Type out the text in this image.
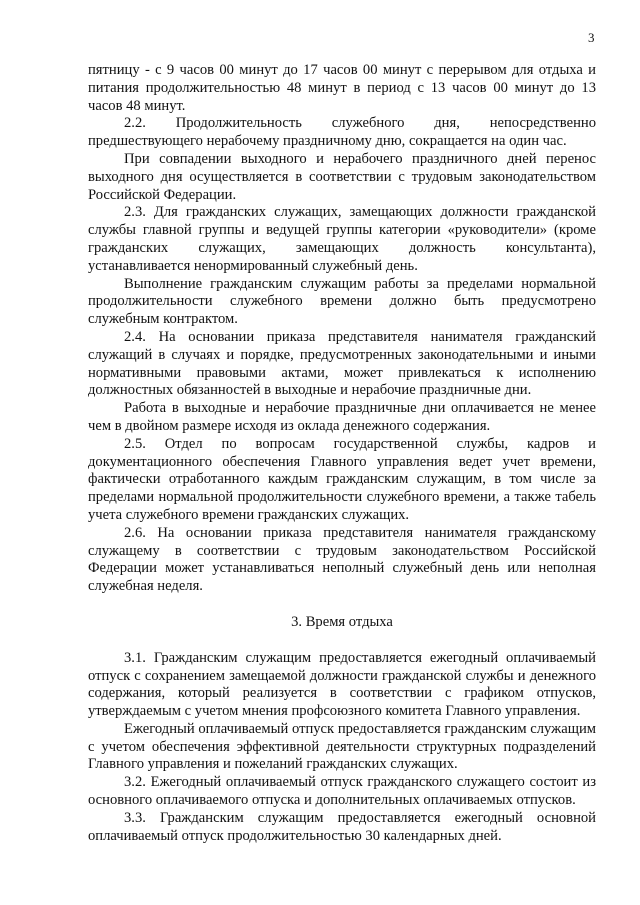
3

пятницу - с 9 часов 00 минут до 17 часов 00 минут с перерывом для отдыха и питания продолжительностью 48 минут в период с 13 часов 00 минут до 13 часов 48 минут.

2.2. Продолжительность служебного дня, непосредственно предшествующего нерабочему праздничному дню, сокращается на один час.

При совпадении выходного и нерабочего праздничного дней перенос выходного дня осуществляется в соответствии с трудовым законодательством Российской Федерации.

2.3. Для гражданских служащих, замещающих должности гражданской службы главной группы и ведущей группы категории «руководители» (кроме гражданских служащих, замещающих должность консультанта), устанавливается ненормированный служебный день.

Выполнение гражданским служащим работы за пределами нормальной продолжительности служебного времени должно быть предусмотрено служебным контрактом.

2.4. На основании приказа представителя нанимателя гражданский служащий в случаях и порядке, предусмотренных законодательными и иными нормативными правовыми актами, может привлекаться к исполнению должностных обязанностей в выходные и нерабочие праздничные дни.

Работа в выходные и нерабочие праздничные дни оплачивается не менее чем в двойном размере исходя из оклада денежного содержания.

2.5. Отдел по вопросам государственной службы, кадров и документационного обеспечения Главного управления ведет учет времени, фактически отработанного каждым гражданским служащим, в том числе за пределами нормальной продолжительности служебного времени, а также табель учета служебного времени гражданских служащих.

2.6. На основании приказа представителя нанимателя гражданскому служащему в соответствии с трудовым законодательством Российской Федерации может устанавливаться неполный служебный день или неполная служебная неделя.

3. Время отдыха

3.1. Гражданским служащим предоставляется ежегодный оплачиваемый отпуск с сохранением замещаемой должности гражданской службы и денежного содержания, который реализуется в соответствии с графиком отпусков, утверждаемым с учетом мнения профсоюзного комитета Главного управления.

Ежегодный оплачиваемый отпуск предоставляется гражданским служащим с учетом обеспечения эффективной деятельности структурных подразделений Главного управления и пожеланий гражданских служащих.

3.2. Ежегодный оплачиваемый отпуск гражданского служащего состоит из основного оплачиваемого отпуска и дополнительных оплачиваемых отпусков.

3.3. Гражданским служащим предоставляется ежегодный основной оплачиваемый отпуск продолжительностью 30 календарных дней.
